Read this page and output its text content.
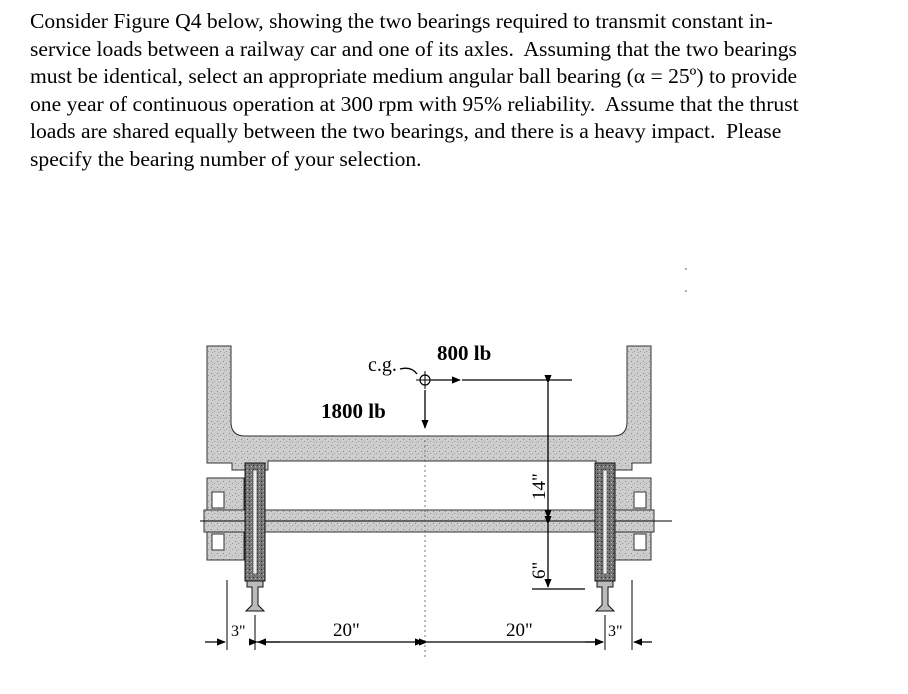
Consider Figure Q4 below, showing the two bearings required to transmit constant in-
service loads between a railway car and one of its axles.  Assuming that the two bearings
must be identical, select an appropriate medium angular ball bearing (α = 25º) to provide
one year of continuous operation at 300 rpm with 95% reliability.  Assume that the thrust
loads are shared equally between the two bearings, and there is a heavy impact.  Please
specify the bearing number of your selection.
c.g. 800 lb
1800 lb
14"
6"
3"	20"	20"	3"
